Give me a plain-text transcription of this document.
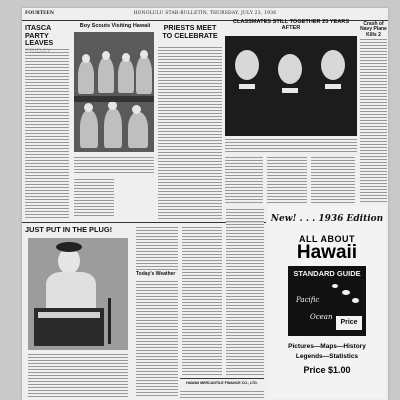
FOURTEEN	HONOLULU STAR-BULLETIN, THURSDAY, JULY 23, 1936
ITASCA PARTY LEAVES
Boy Scouts Visiting Hawaii	PRIESTS MEET TO CELEBRATE
CLASSMATES STILL TOGETHER 25 YEARS AFTER
Crash of Navy Plane Kills 2
JUST PUT IN THE PLUG!
Today's Weather
HAWAII MERCANTILE FINANCE CO., LTD.
New! . . . 1936 Edition
ALL ABOUT
Hawaii
STANDARD GUIDE
Pacific
Ocean
Price
Pictures—Maps—History
Legends—Statistics
Price $1.00
